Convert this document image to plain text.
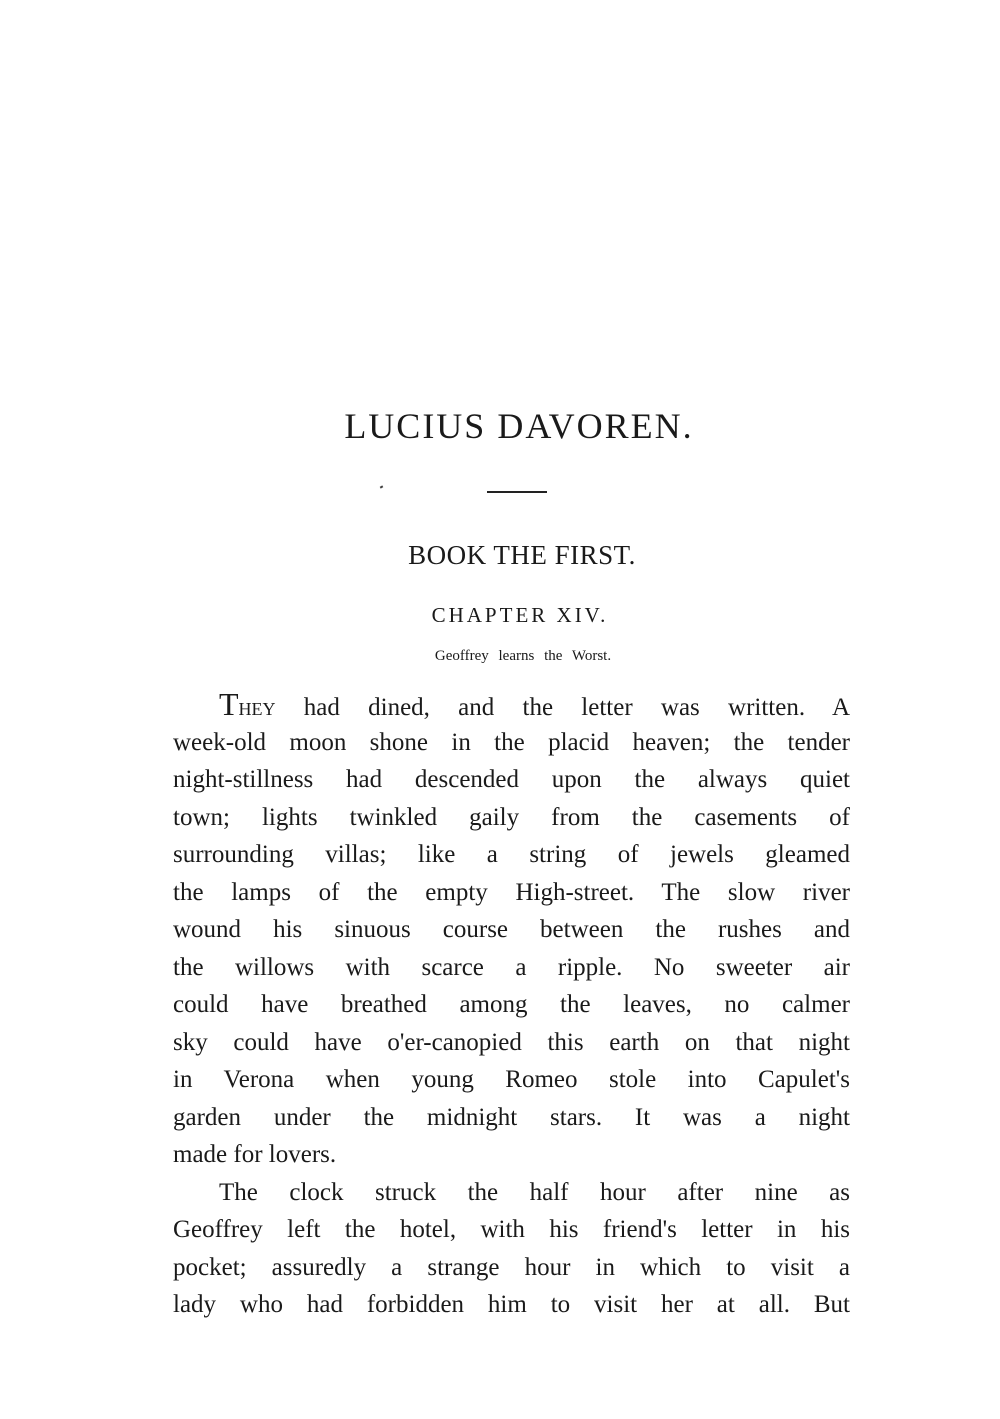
LUCIUS DAVOREN.
BOOK THE FIRST.
CHAPTER XIV.
Geoffrey learns the Worst.
They had dined, and the letter was written. A
week-old moon shone in the placid heaven; the tender
night-stillness had descended upon the always quiet
town; lights twinkled gaily from the casements of
surrounding villas; like a string of jewels gleamed
the lamps of the empty High-street. The slow river
wound his sinuous course between the rushes and
the willows with scarce a ripple. No sweeter air
could have breathed among the leaves, no calmer
sky could have o'er-canopied this earth on that night
in Verona when young Romeo stole into Capulet's
garden under the midnight stars. It was a night
made for lovers.
The clock struck the half hour after nine as
Geoffrey left the hotel, with his friend's letter in his
pocket; assuredly a strange hour in which to visit a
lady who had forbidden him to visit her at all. But
